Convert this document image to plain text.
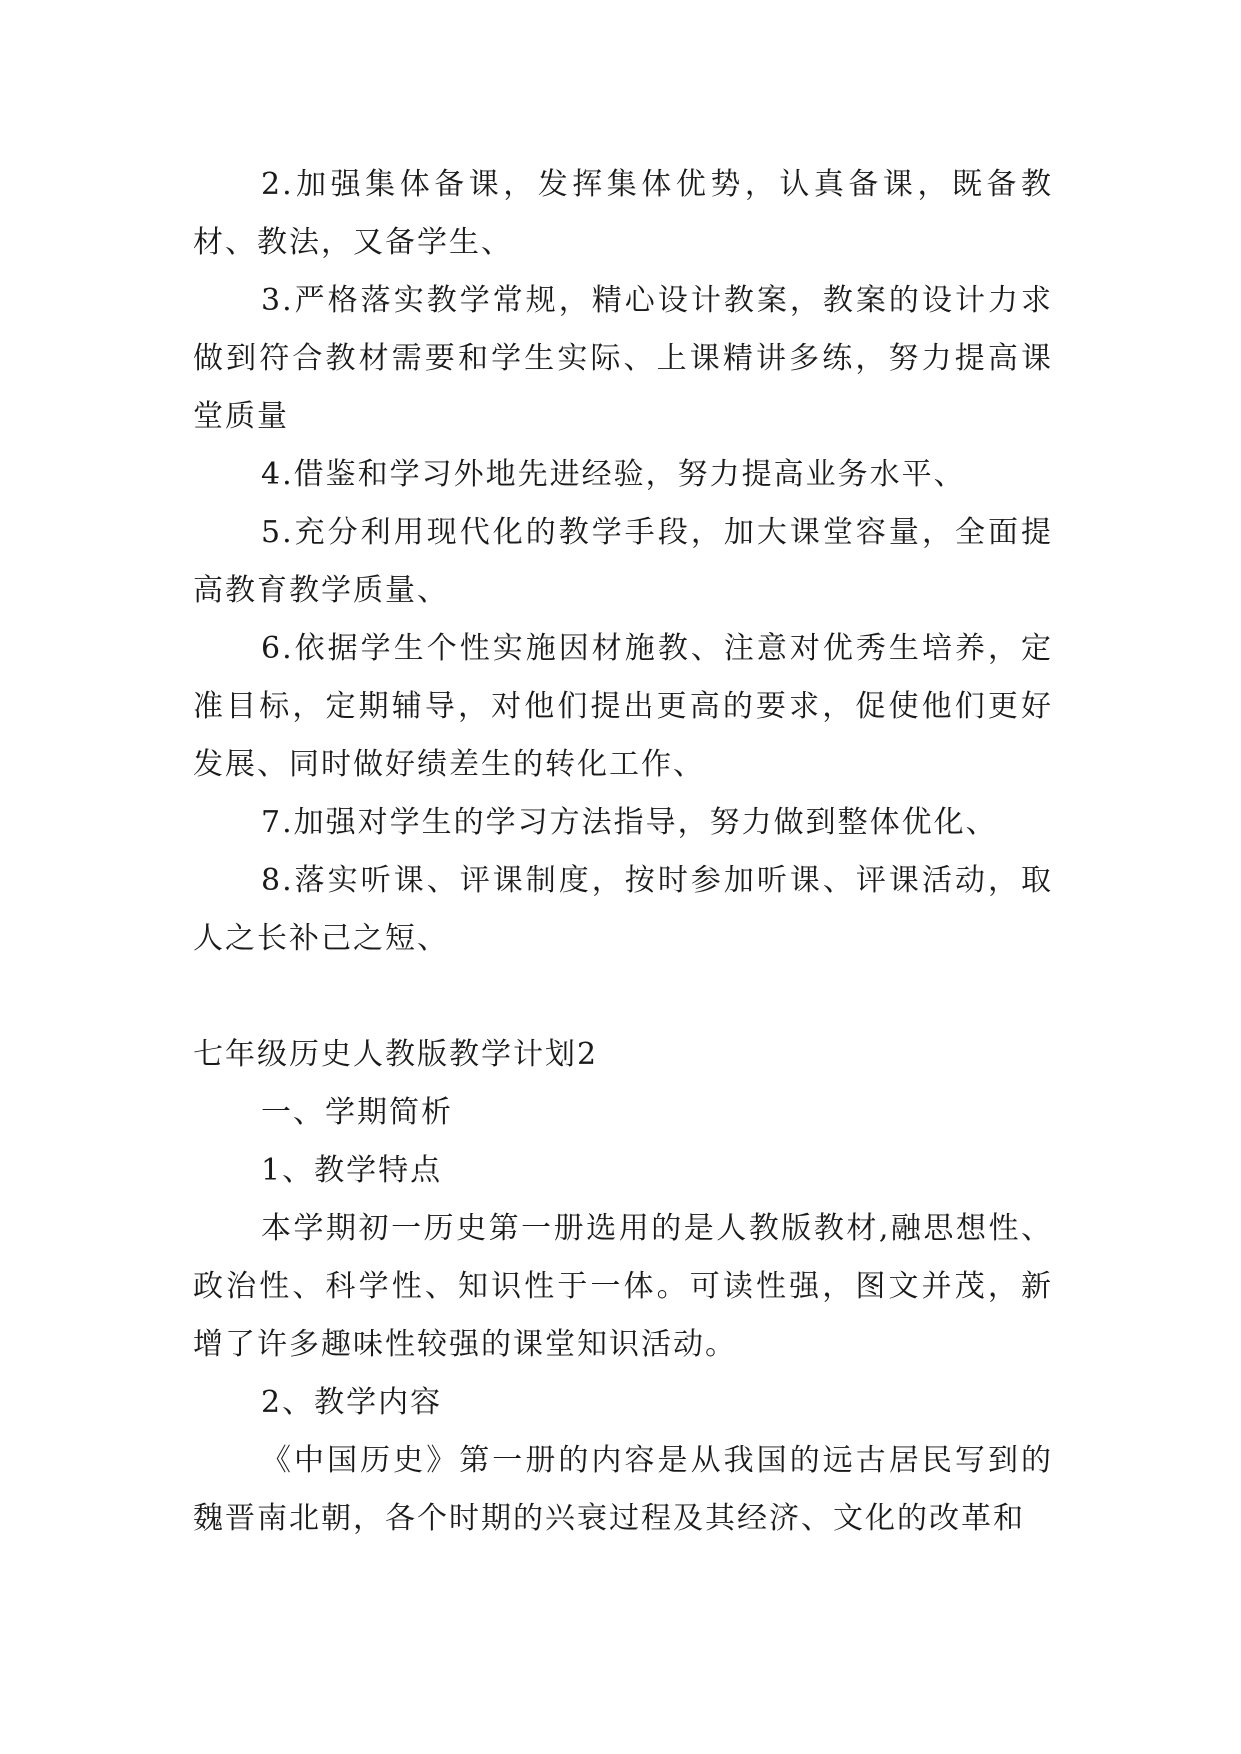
2.加强集体备课，发挥集体优势，认真备课，既备教材、教法，又备学生、

3.严格落实教学常规，精心设计教案，教案的设计力求做到符合教材需要和学生实际、上课精讲多练，努力提高课堂质量

4.借鉴和学习外地先进经验，努力提高业务水平、

5.充分利用现代化的教学手段，加大课堂容量，全面提高教育教学质量、

6.依据学生个性实施因材施教、注意对优秀生培养，定准目标，定期辅导，对他们提出更高的要求，促使他们更好发展、同时做好绩差生的转化工作、

7.加强对学生的学习方法指导，努力做到整体优化、

8.落实听课、评课制度，按时参加听课、评课活动，取人之长补己之短、

七年级历史人教版教学计划2

一、学期简析

1、教学特点

本学期初一历史第一册选用的是人教版教材,融思想性、政治性、科学性、知识性于一体。可读性强，图文并茂，新增了许多趣味性较强的课堂知识活动。

2、教学内容

《中国历史》第一册的内容是从我国的远古居民写到的魏晋南北朝，各个时期的兴衰过程及其经济、文化的改革和
